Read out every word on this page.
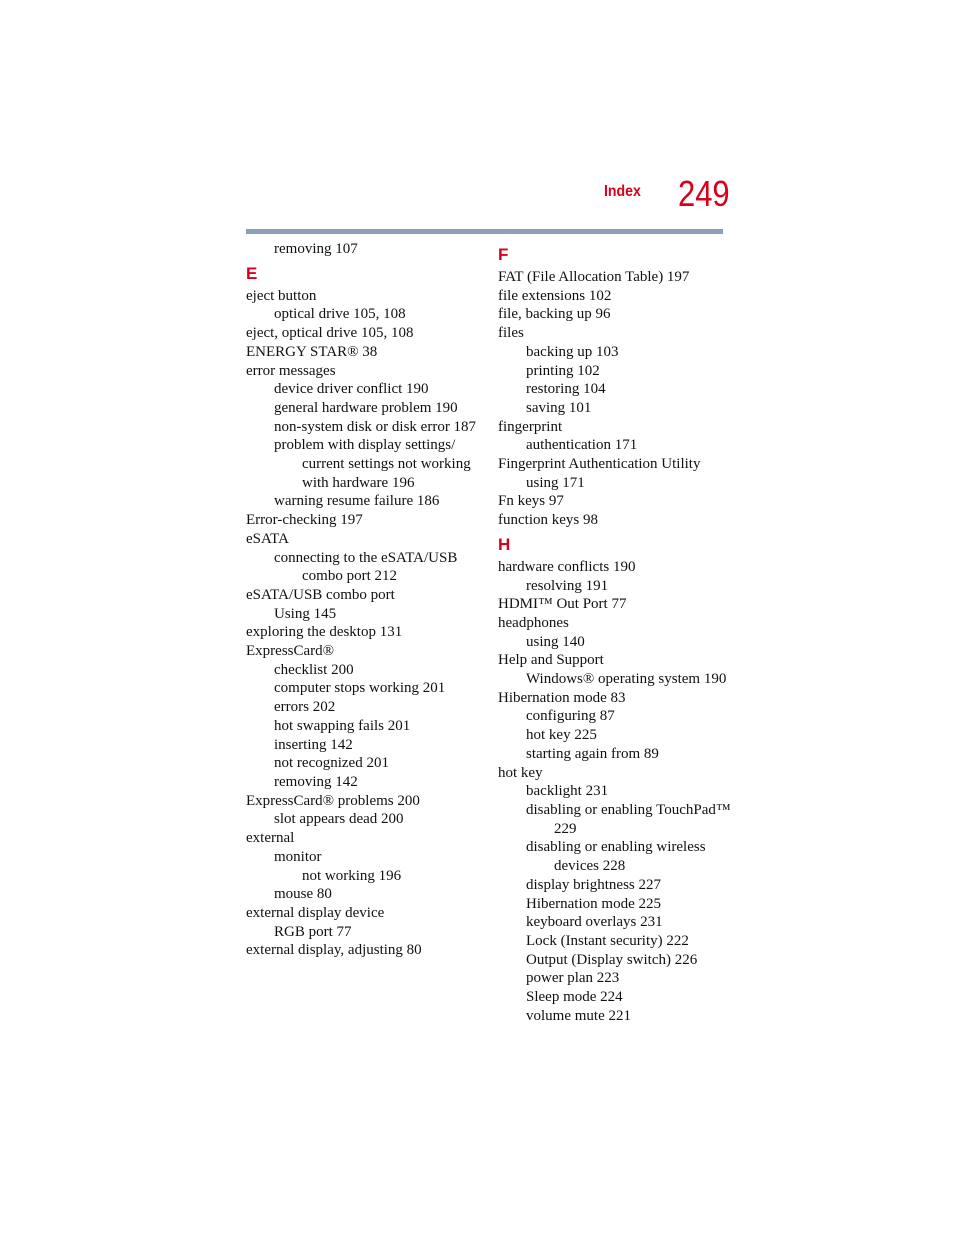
Index 249
removing 107
E
eject button
optical drive 105, 108
eject, optical drive 105, 108
ENERGY STAR® 38
error messages
device driver conflict 190
general hardware problem 190
non-system disk or disk error 187
problem with display settings/
current settings not working
with hardware 196
warning resume failure 186
Error-checking 197
eSATA
connecting to the eSATA/USB
combo port 212
eSATA/USB combo port
Using 145
exploring the desktop 131
ExpressCard®
checklist 200
computer stops working 201
errors 202
hot swapping fails 201
inserting 142
not recognized 201
removing 142
ExpressCard® problems 200
slot appears dead 200
external
monitor
not working 196
mouse 80
external display device
RGB port 77
external display, adjusting 80
F
FAT (File Allocation Table) 197
file extensions 102
file, backing up 96
files
backing up 103
printing 102
restoring 104
saving 101
fingerprint
authentication 171
Fingerprint Authentication Utility
using 171
Fn keys 97
function keys 98
H
hardware conflicts 190
resolving 191
HDMI™ Out Port 77
headphones
using 140
Help and Support
Windows® operating system 190
Hibernation mode 83
configuring 87
hot key 225
starting again from 89
hot key
backlight 231
disabling or enabling TouchPad™
229
disabling or enabling wireless
devices 228
display brightness 227
Hibernation mode 225
keyboard overlays 231
Lock (Instant security) 222
Output (Display switch) 226
power plan 223
Sleep mode 224
volume mute 221
